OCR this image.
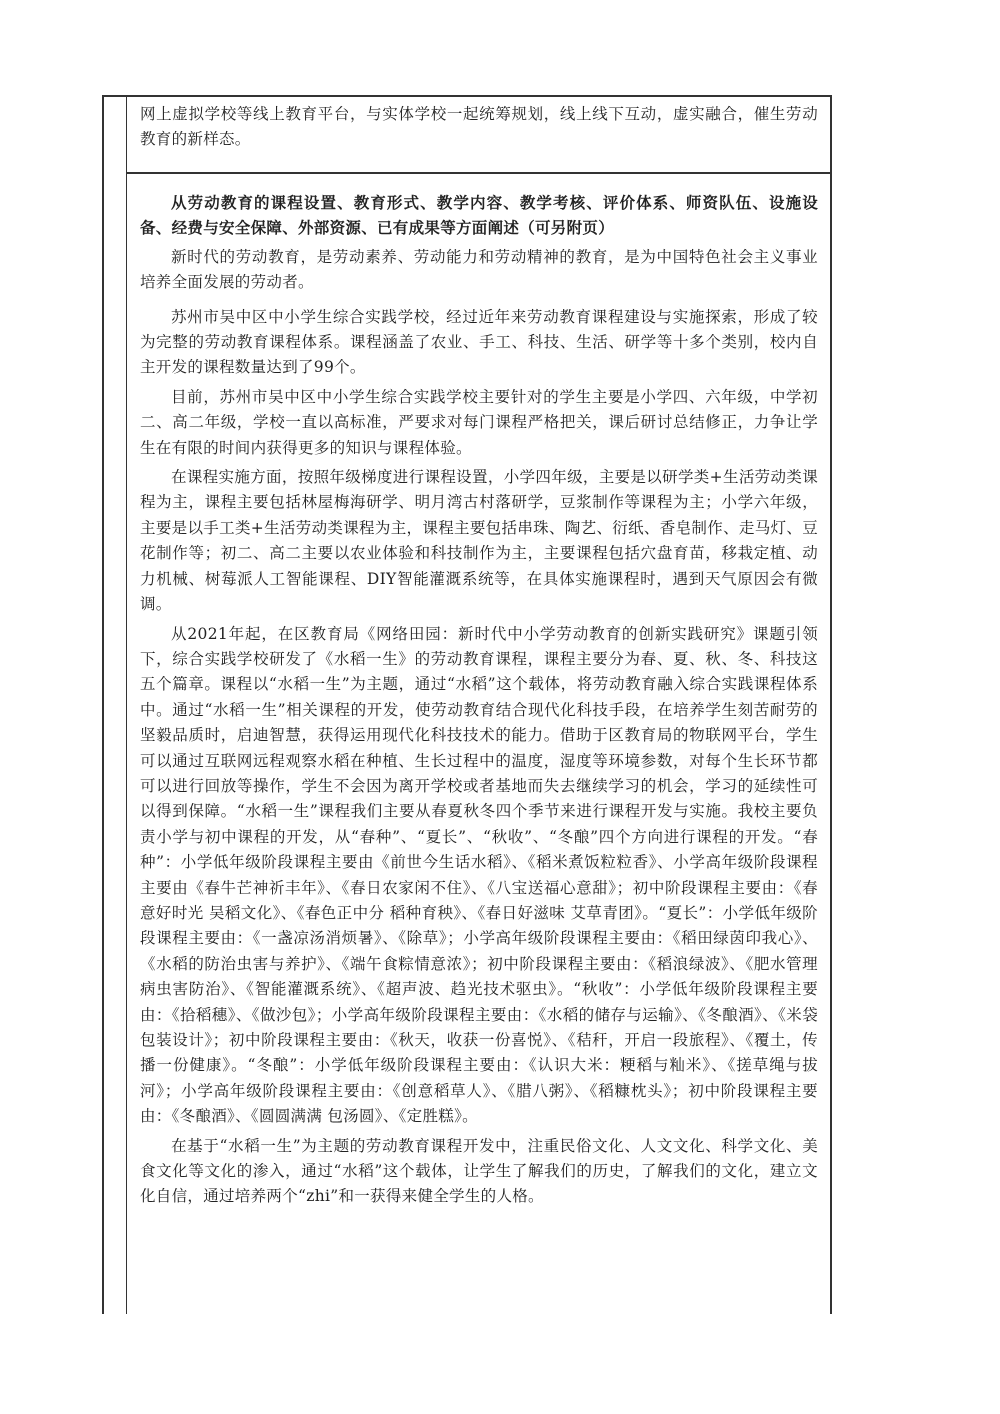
网上虚拟学校等线上教育平台，与实体学校一起统筹规划，线上线下互动，虚实融合，催生劳动教育的新样态。

从劳动教育的课程设置、教育形式、教学内容、教学考核、评价体系、师资队伍、设施设备、经费与安全保障、外部资源、已有成果等方面阐述（可另附页）

新时代的劳动教育，是劳动素养、劳动能力和劳动精神的教育，是为中国特色社会主义事业培养全面发展的劳动者。

苏州市吴中区中小学生综合实践学校，经过近年来劳动教育课程建设与实施探索，形成了较为完整的劳动教育课程体系。课程涵盖了农业、手工、科技、生活、研学等十多个类别，校内自主开发的课程数量达到了99个。

目前，苏州市吴中区中小学生综合实践学校主要针对的学生主要是小学四、六年级，中学初二、高二年级，学校一直以高标准，严要求对每门课程严格把关，课后研讨总结修正，力争让学生在有限的时间内获得更多的知识与课程体验。

在课程实施方面，按照年级梯度进行课程设置，小学四年级，主要是以研学类+生活劳动类课程为主，课程主要包括林屋梅海研学、明月湾古村落研学，豆浆制作等课程为主；小学六年级，主要是以手工类+生活劳动类课程为主，课程主要包括串珠、陶艺、衍纸、香皂制作、走马灯、豆花制作等；初二、高二主要以农业体验和科技制作为主，主要课程包括穴盘育苗，移栽定植、动力机械、树莓派人工智能课程、DIY智能灌溉系统等，在具体实施课程时，遇到天气原因会有微调。

从2021年起，在区教育局《网络田园：新时代中小学劳动教育的创新实践研究》课题引领下，综合实践学校研发了《水稻一生》的劳动教育课程，课程主要分为春、夏、秋、冬、科技这五个篇章。课程以“水稻一生”为主题，通过“水稻”这个载体，将劳动教育融入综合实践课程体系中。通过“水稻一生”相关课程的开发，使劳动教育结合现代化科技手段，在培养学生刻苦耐劳的坚毅品质时，启迪智慧，获得运用现代化科技技术的能力。借助于区教育局的物联网平台，学生可以通过互联网远程观察水稻在种植、生长过程中的温度，湿度等环境参数，对每个生长环节都可以进行回放等操作，学生不会因为离开学校或者基地而失去继续学习的机会，学习的延续性可以得到保障。“水稻一生”课程我们主要从春夏秋冬四个季节来进行课程开发与实施。我校主要负责小学与初中课程的开发，从“春种”、“夏长”、“秋收”、“冬酿”四个方向进行课程的开发。“春种”：小学低年级阶段课程主要由《前世今生话水稻》、《稻米煮饭粒粒香》、小学高年级阶段课程主要由《春牛芒神祈丰年》、《春日农家闲不住》、《八宝送福心意甜》；初中阶段课程主要由：《春意好时光 吴稻文化》、《春色正中分 稻种育秧》、《春日好滋味 艾草青团》。“夏长”：小学低年级阶段课程主要由：《一盏凉汤消烦暑》、《除草》；小学高年级阶段课程主要由：《稻田绿茵印我心》、《水稻的防治虫害与养护》、《端午食粽情意浓》；初中阶段课程主要由：《稻浪绿波》、《肥水管理 病虫害防治》、《智能灌溉系统》、《超声波、趋光技术驱虫》。“秋收”：小学低年级阶段课程主要由：《拾稻穗》、《做沙包》；小学高年级阶段课程主要由：《水稻的储存与运输》、《冬酿酒》、《米袋包装设计》；初中阶段课程主要由：《秋天，收获一份喜悦》、《秸秆，开启一段旅程》、《覆土，传播一份健康》。“冬酿”：小学低年级阶段课程主要由：《认识大米：粳稻与籼米》、《搓草绳与拔河》；小学高年级阶段课程主要由：《创意稻草人》、《腊八粥》、《稻糠枕头》；初中阶段课程主要由：《冬酿酒》、《圆圆满满 包汤圆》、《定胜糕》。

在基于“水稻一生”为主题的劳动教育课程开发中，注重民俗文化、人文文化、科学文化、美食文化等文化的渗入，通过“水稻”这个载体，让学生了解我们的历史，了解我们的文化，建立文化自信，通过培养两个“zhi”和一获得来健全学生的人格。
